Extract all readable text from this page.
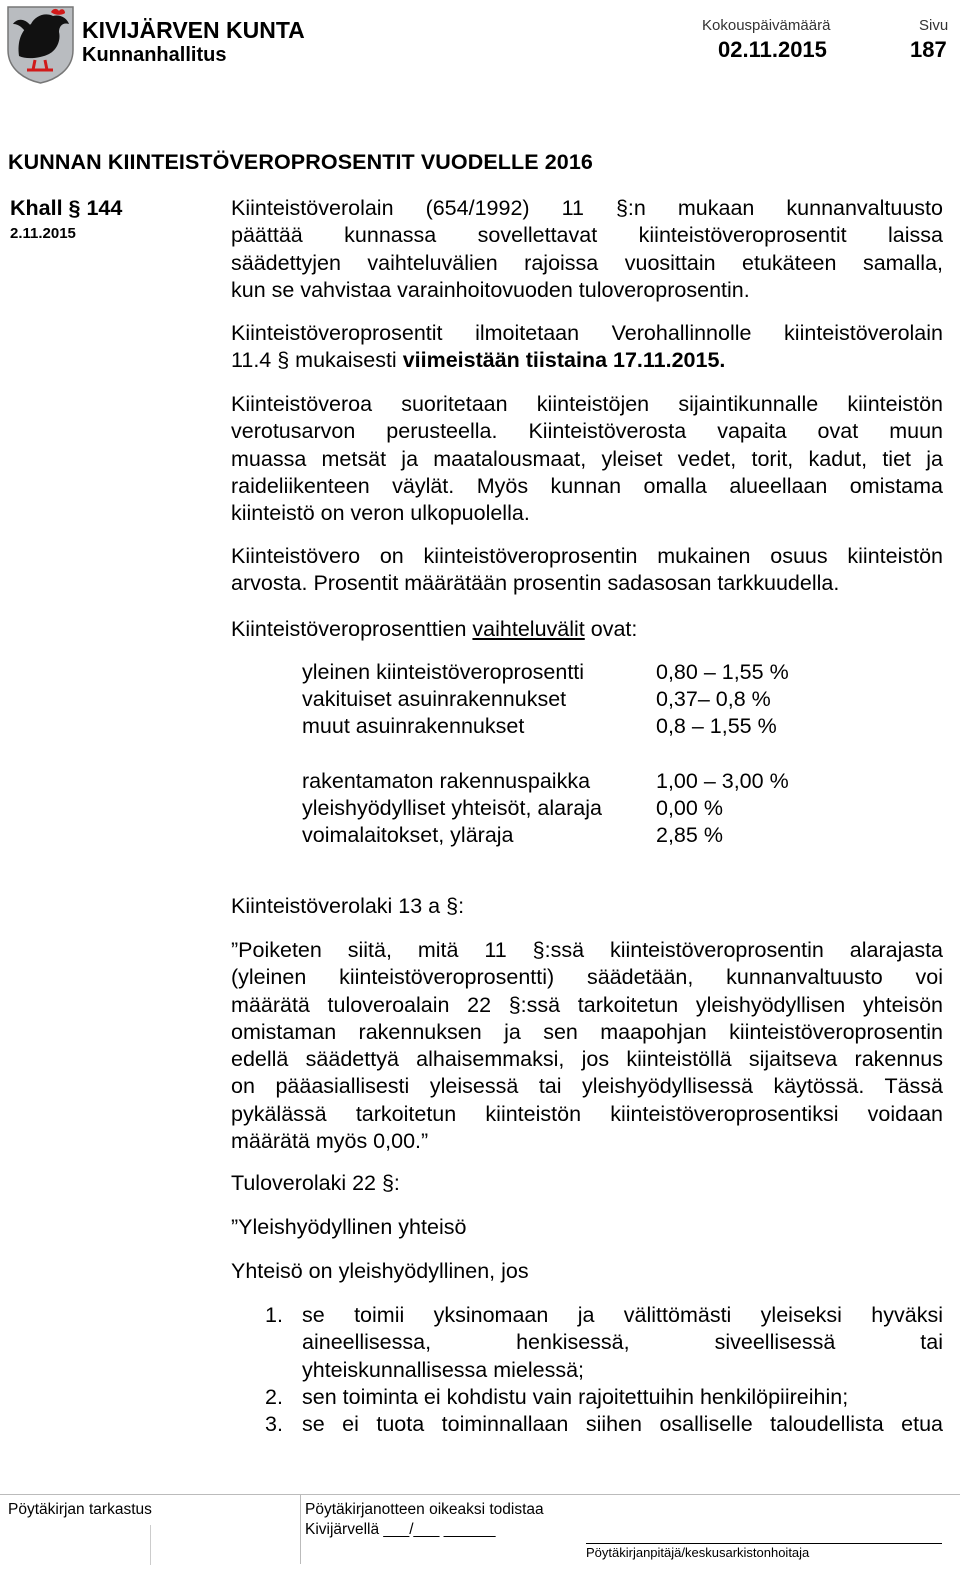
KIVIJÄRVEN KUNTA
Kunnanhallitus
Kokouspäivämäärä
02.11.2015
Sivu
187
KUNNAN KIINTEISTÖVEROPROSENTIT VUODELLE 2016
Khall § 144
2.11.2015
Kiinteistöverolain (654/1992) 11 §:n mukaan kunnanvaltuusto
päättää kunnassa sovellettavat kiinteistöveroprosentit laissa
säädettyjen vaihteluvälien rajoissa vuosittain etukäteen samalla,
kun se vahvistaa varainhoitovuoden tuloveroprosentin.
Kiinteistöveroprosentit ilmoitetaan Verohallinnolle kiinteistöverolain
11.4 § mukaisesti viimeistään tiistaina 17.11.2015.
Kiinteistöveroa suoritetaan kiinteistöjen sijaintikunnalle kiinteistön
verotusarvon perusteella. Kiinteistöverosta vapaita ovat muun
muassa metsät ja maatalousmaat, yleiset vedet, torit, kadut, tiet ja
raideliikenteen väylät. Myös kunnan omalla alueellaan omistama
kiinteistö on veron ulkopuolella.
Kiinteistövero on kiinteistöveroprosentin mukainen osuus kiinteistön
arvosta. Prosentit määrätään prosentin sadasosan tarkkuudella.
Kiinteistöveroprosenttien vaihteluvälit ovat:
yleinen kiinteistöveroprosentti	0,80 – 1,55 %
vakituiset asuinrakennukset	0,37– 0,8 %
muut asuinrakennukset	0,8 – 1,55 %
rakentamaton rakennuspaikka	1,00 – 3,00 %
yleishyödylliset yhteisöt, alaraja	0,00 %
voimalaitokset, yläraja	2,85 %
Kiinteistöverolaki 13 a §:
”Poiketen siitä, mitä 11 §:ssä kiinteistöveroprosentin alarajasta
(yleinen kiinteistöveroprosentti) säädetään, kunnanvaltuusto voi
määrätä tuloveroalain 22 §:ssä tarkoitetun yleishyödyllisen yhteisön
omistaman rakennuksen ja sen maapohjan kiinteistöveroprosentin
edellä säädettyä alhaisemmaksi, jos kiinteistöllä sijaitseva rakennus
on pääasiallisesti yleisessä tai yleishyödyllisessä käytössä. Tässä
pykälässä tarkoitetun kiinteistön kiinteistöveroprosentiksi voidaan
määrätä myös 0,00.”
Tuloverolaki 22 §:
”Yleishyödyllinen yhteisö
Yhteisö on yleishyödyllinen, jos
1. se toimii yksinomaan ja välittömästi yleiseksi hyväksi
aineellisessa, henkisessä, siveellisessä tai
yhteiskunnallisessa mielessä;
2. sen toiminta ei kohdistu vain rajoitettuihin henkilöpiireihin;
3. se ei tuota toiminnallaan siihen osalliselle taloudellista etua
Pöytäkirjan tarkastus	Pöytäkirjanotteen oikeaksi todistaa
Kivijärvellä ___/___ ______
Pöytäkirjanpitäjä/keskusarkistonhoitaja
